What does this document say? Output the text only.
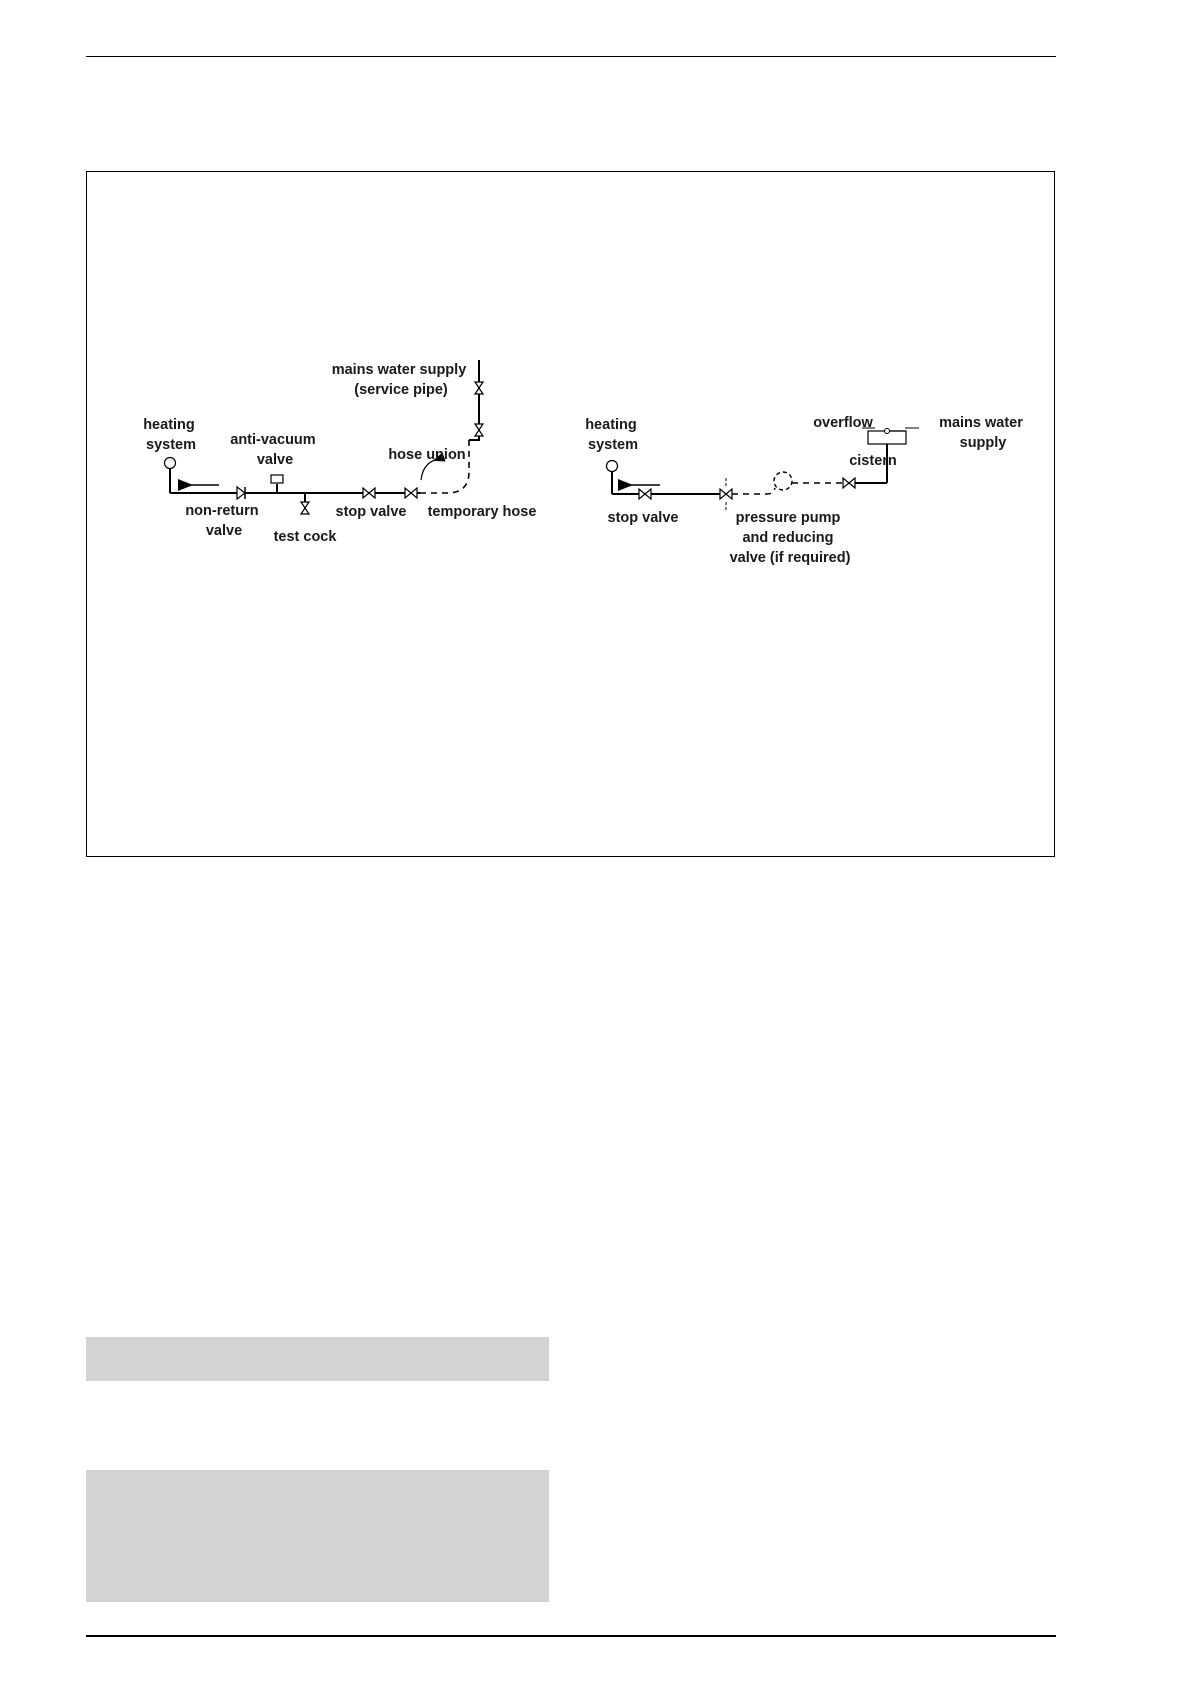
heating system anti-vacuum valve
non-return valve	test cock
stop valve
hose union
temporary hose
mains water supply (service pipe)
heating system
stop valve	pressure pump and reducing valve (if required)
overflow	mains water supply
cistern
